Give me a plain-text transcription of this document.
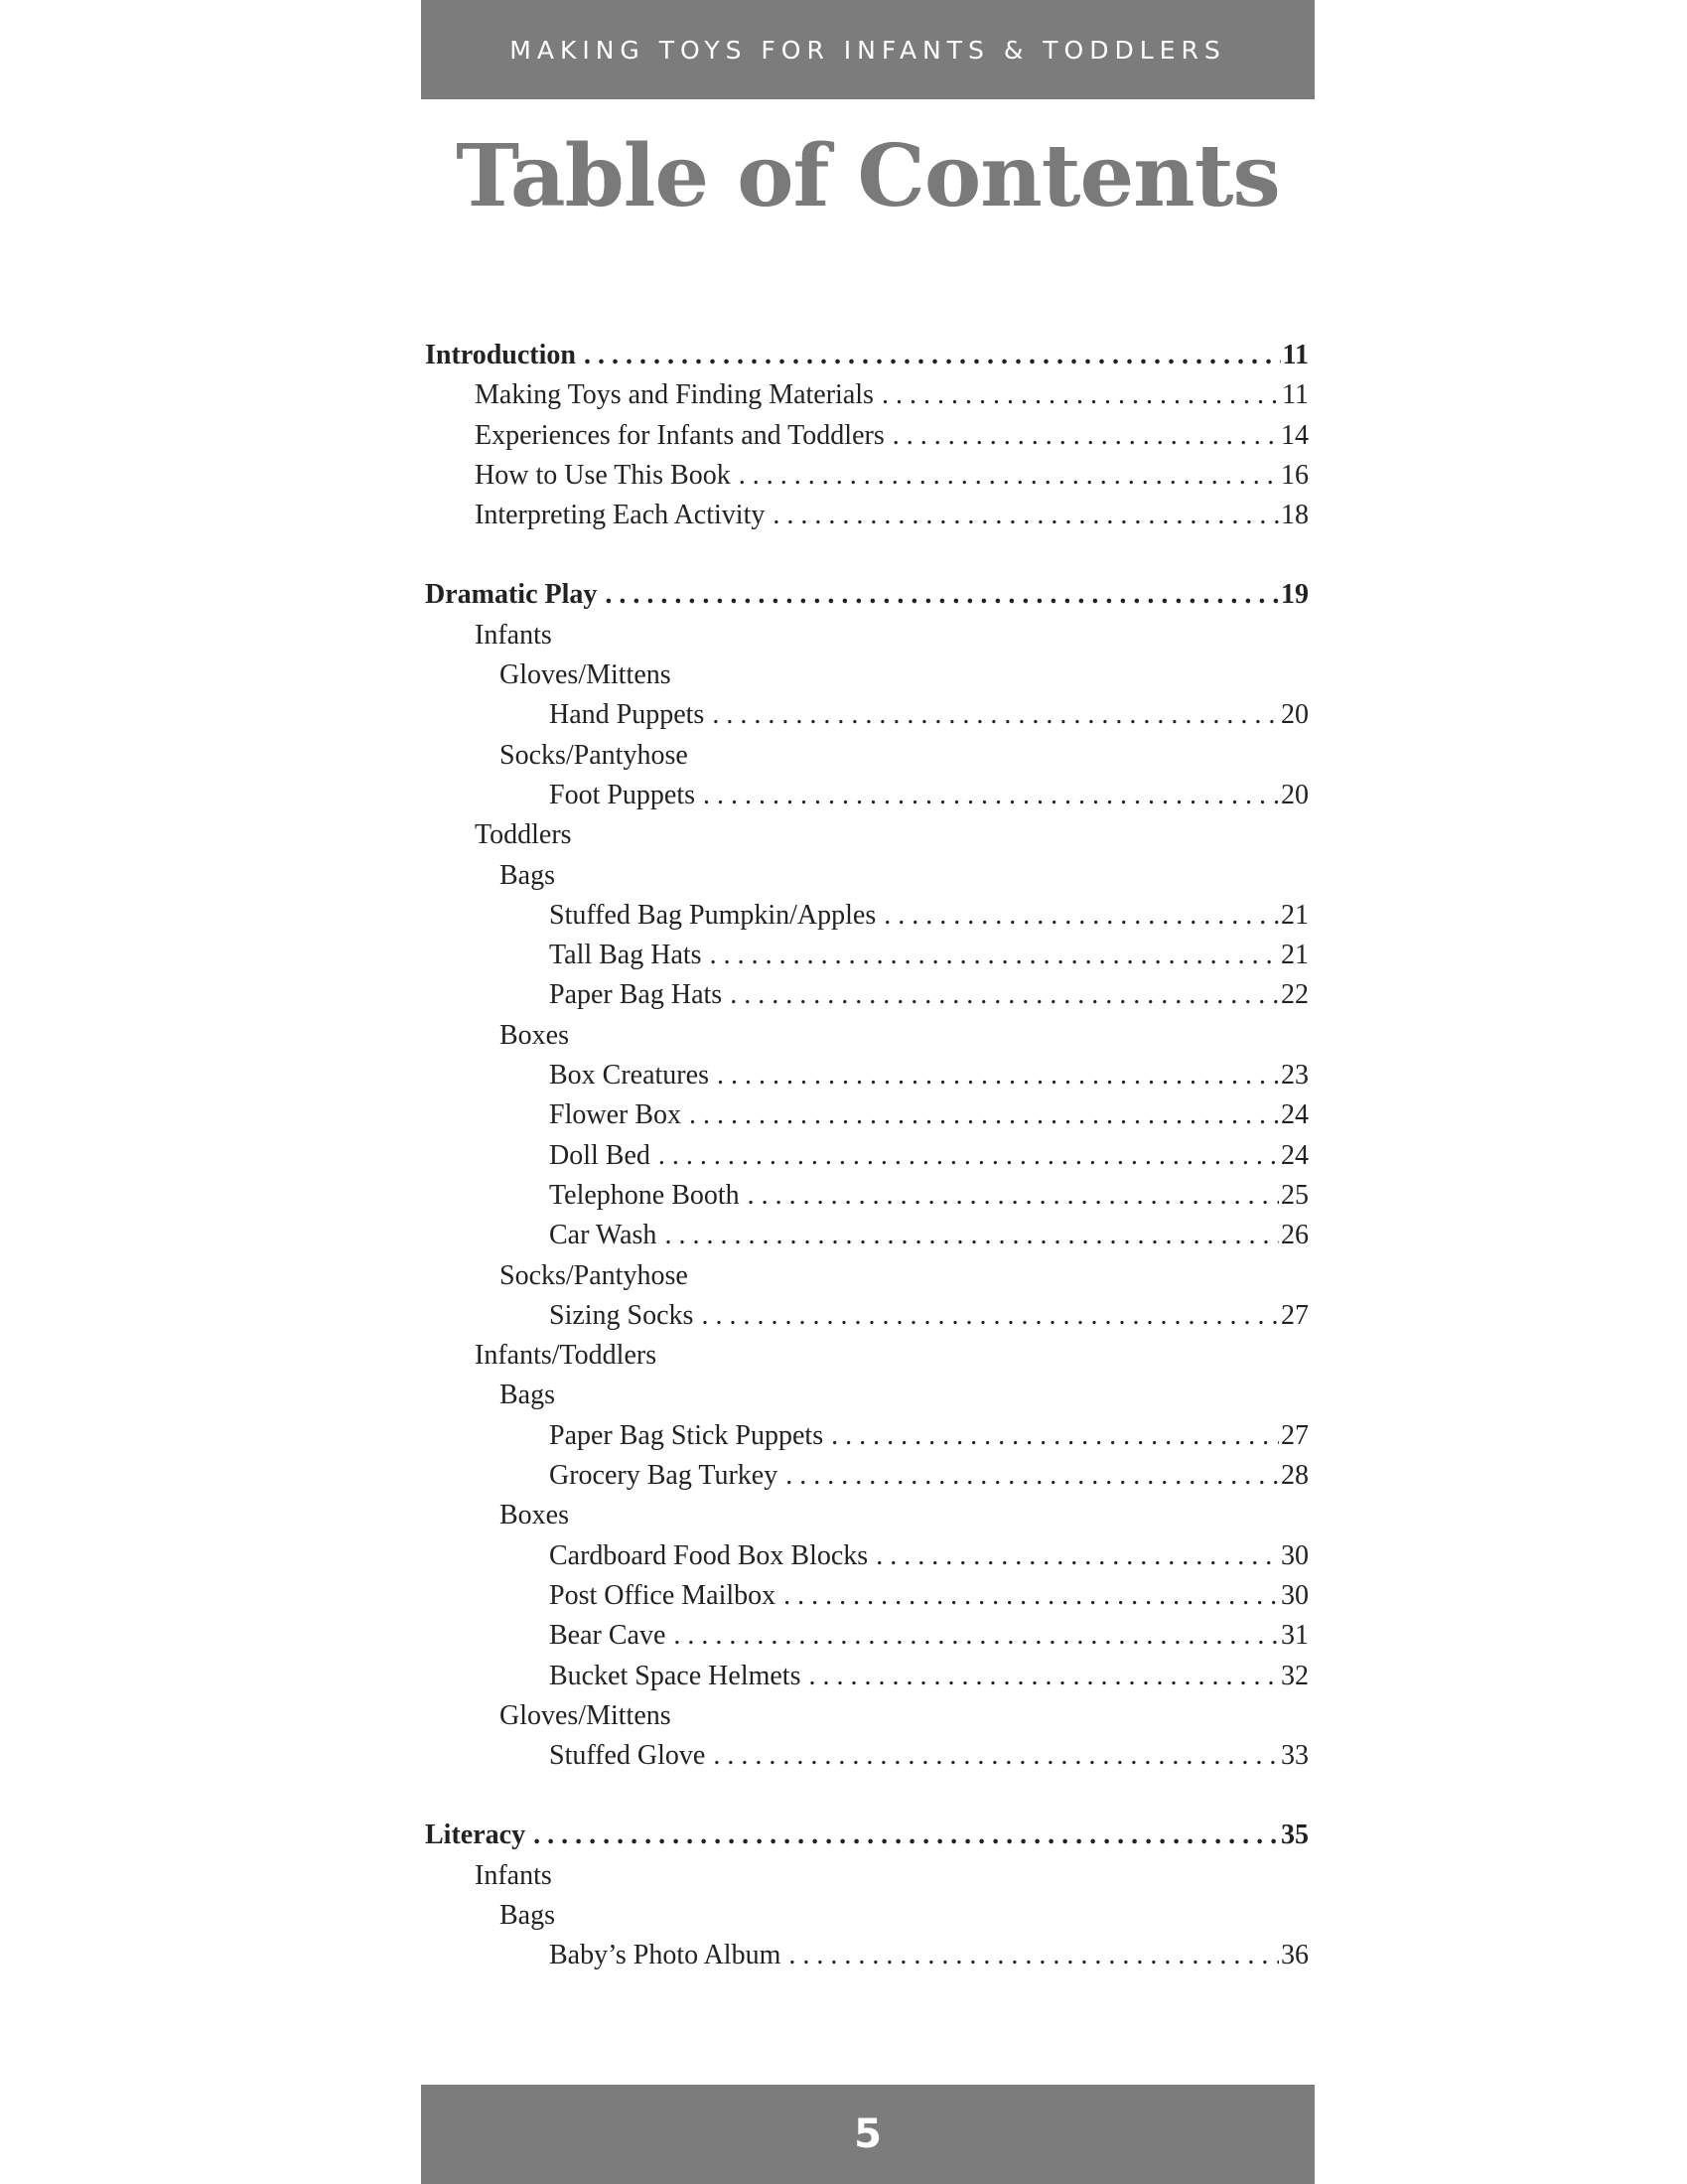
MAKING TOYS FOR INFANTS & TODDLERS
Table of Contents
Introduction . . .	11
Making Toys and Finding Materials . . .	11
Experiences for Infants and Toddlers . . .	14
How to Use This Book . . .	16
Interpreting Each Activity . . .	18
Dramatic Play . . .	19
Infants
Gloves/Mittens
Hand Puppets . . .	20
Socks/Pantyhose
Foot Puppets . . .	20
Toddlers
Bags
Stuffed Bag Pumpkin/Apples . . .	21
Tall Bag Hats . . .	21
Paper Bag Hats . . .	22
Boxes
Box Creatures . . .	23
Flower Box . . .	24
Doll Bed . . .	24
Telephone Booth . . .	25
Car Wash . . .	26
Socks/Pantyhose
Sizing Socks . . .	27
Infants/Toddlers
Bags
Paper Bag Stick Puppets . . .	27
Grocery Bag Turkey . . .	28
Boxes
Cardboard Food Box Blocks . . .	30
Post Office Mailbox . . .	30
Bear Cave . . .	31
Bucket Space Helmets . . .	32
Gloves/Mittens
Stuffed Glove . . .	33
Literacy . . .	35
Infants
Bags
Baby’s Photo Album . . .	36
5
